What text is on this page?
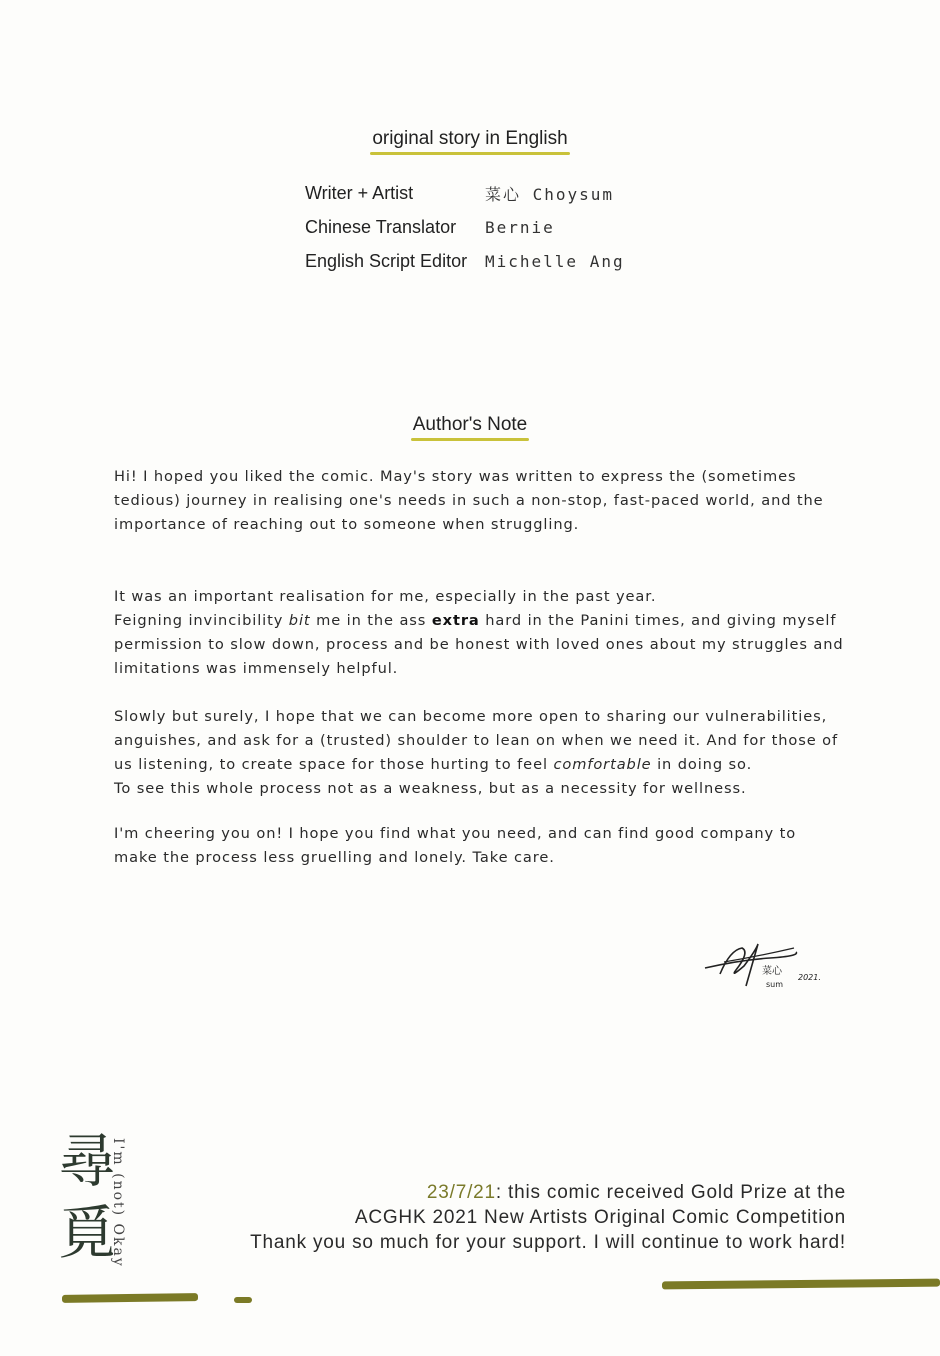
original story in English
Writer + Artist	菜心 Choysum
Chinese Translator	Bernie
English Script Editor	Michelle Ang
Author's Note

Hi! I hoped you liked the comic. May's story was written to express the (sometimes tedious) journey in realising one's needs in such a non-stop, fast-paced world, and the importance of reaching out to someone when struggling.

It was an important realisation for me, especially in the past year.
Feigning invincibility bit me in the ass extra hard in the Panini times, and giving myself permission to slow down, process and be honest with loved ones about my struggles and limitations was immensely helpful.

Slowly but surely, I hope that we can become more open to sharing our vulnerabilities, anguishes, and ask for a (trusted) shoulder to lean on when we need it. And for those of us listening, to create space for those hurting to feel comfortable in doing so.
To see this whole process not as a weakness, but as a necessity for wellness.

I'm cheering you on! I hope you find what you need, and can find good company to make the process less gruelling and lonely. Take care.

菜心
sum
2021.
尋
覓
I'm (not) Okay	23/7/21: this comic received Gold Prize at the
ACGHK 2021 New Artists Original Comic Competition
Thank you so much for your support. I will continue to work hard!
